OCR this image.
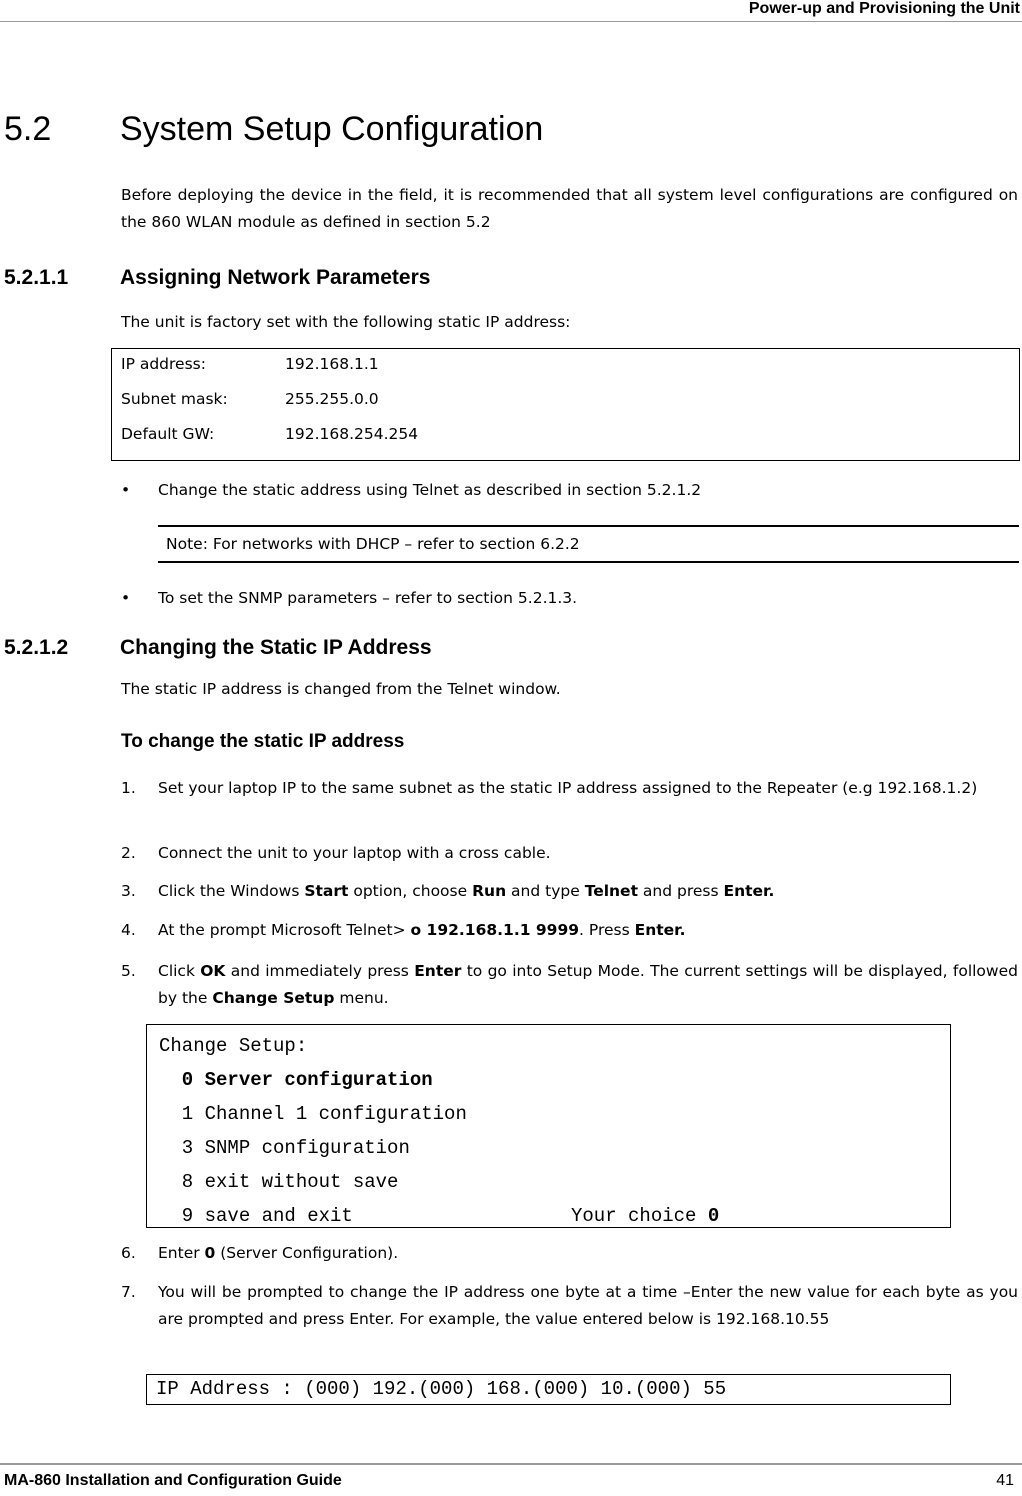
Power-up and Provisioning the Unit
5.2 System Setup Configuration
Before deploying the device in the field, it is recommended that all system level configurations are configured on the 860 WLAN module as defined in section 5.2
5.2.1.1 Assigning Network Parameters
The unit is factory set with the following static IP address:
IP address:	192.168.1.1
Subnet mask:	255.255.0.0
Default GW:	192.168.254.254
• Change the static address using Telnet as described in section 5.2.1.2
Note: For networks with DHCP – refer to section 6.2.2
• To set the SNMP parameters – refer to section 5.2.1.3.
5.2.1.2 Changing the Static IP Address
The static IP address is changed from the Telnet window.
To change the static IP address
1. Set your laptop IP to the same subnet as the static IP address assigned to the Repeater (e.g 192.168.1.2)
2. Connect the unit to your laptop with a cross cable.
3. Click the Windows Start option, choose Run and type Telnet and press Enter.
4. At the prompt Microsoft Telnet> o 192.168.1.1 9999. Press Enter.
5. Click OK and immediately press Enter to go into Setup Mode. The current settings will be displayed, followed by the Change Setup menu.
Change Setup:
0 Server configuration
1 Channel 1 configuration
3 SNMP configuration
8 exit without save
9 save and exit	Your choice 0
6. Enter 0 (Server Configuration).
7. You will be prompted to change the IP address one byte at a time –Enter the new value for each byte as you are prompted and press Enter. For example, the value entered below is 192.168.10.55
IP Address : (000) 192.(000) 168.(000) 10.(000) 55
MA-860 Installation and Configuration Guide	41
